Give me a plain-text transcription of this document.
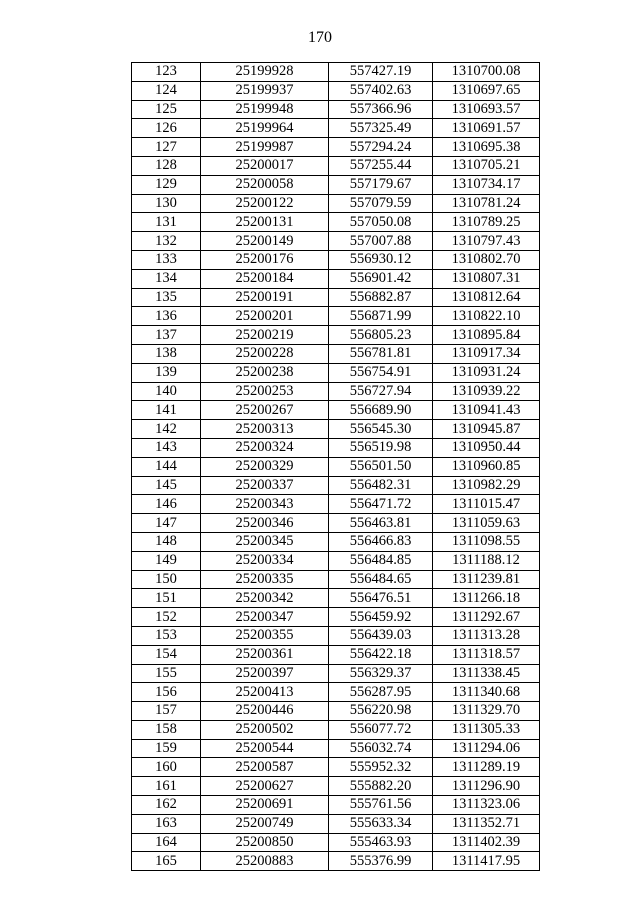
170
123	25199928	557427.19	1310700.08
124	25199937	557402.63	1310697.65
125	25199948	557366.96	1310693.57
126	25199964	557325.49	1310691.57
127	25199987	557294.24	1310695.38
128	25200017	557255.44	1310705.21
129	25200058	557179.67	1310734.17
130	25200122	557079.59	1310781.24
131	25200131	557050.08	1310789.25
132	25200149	557007.88	1310797.43
133	25200176	556930.12	1310802.70
134	25200184	556901.42	1310807.31
135	25200191	556882.87	1310812.64
136	25200201	556871.99	1310822.10
137	25200219	556805.23	1310895.84
138	25200228	556781.81	1310917.34
139	25200238	556754.91	1310931.24
140	25200253	556727.94	1310939.22
141	25200267	556689.90	1310941.43
142	25200313	556545.30	1310945.87
143	25200324	556519.98	1310950.44
144	25200329	556501.50	1310960.85
145	25200337	556482.31	1310982.29
146	25200343	556471.72	1311015.47
147	25200346	556463.81	1311059.63
148	25200345	556466.83	1311098.55
149	25200334	556484.85	1311188.12
150	25200335	556484.65	1311239.81
151	25200342	556476.51	1311266.18
152	25200347	556459.92	1311292.67
153	25200355	556439.03	1311313.28
154	25200361	556422.18	1311318.57
155	25200397	556329.37	1311338.45
156	25200413	556287.95	1311340.68
157	25200446	556220.98	1311329.70
158	25200502	556077.72	1311305.33
159	25200544	556032.74	1311294.06
160	25200587	555952.32	1311289.19
161	25200627	555882.20	1311296.90
162	25200691	555761.56	1311323.06
163	25200749	555633.34	1311352.71
164	25200850	555463.93	1311402.39
165	25200883	555376.99	1311417.95
